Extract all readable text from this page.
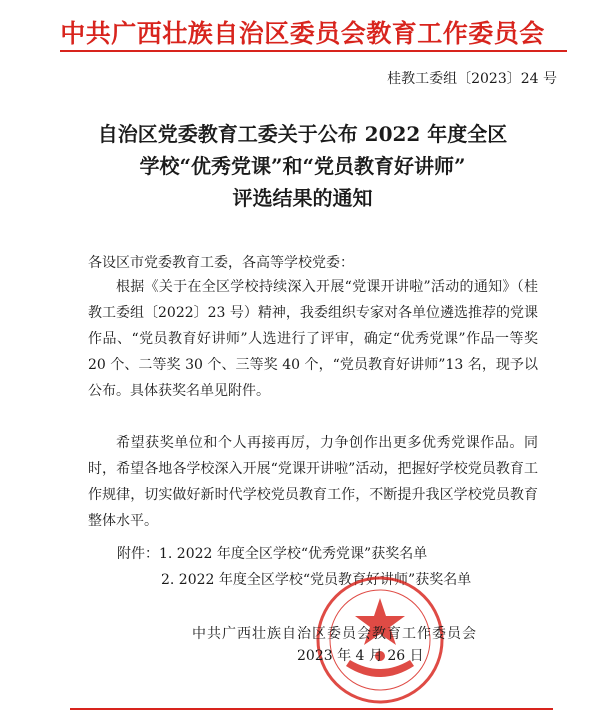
中共广西壮族自治区委员会教育工作委员会
桂教工委组〔2023〕24 号
自治区党委教育工委关于公布 2022 年度全区
学校“优秀党课”和“党员教育好讲师”
评选结果的通知
各设区市党委教育工委，各高等学校党委：
根据《关于在全区学校持续深入开展“党课开讲啦”活动的通知》（桂教工委组〔2022〕23 号）精神，我委组织专家对各单位遴选推荐的党课作品、“党员教育好讲师”人选进行了评审，确定“优秀党课”作品一等奖 20 个、二等奖 30 个、三等奖 40 个，“党员教育好讲师”13 名，现予以公布。具体获奖名单见附件。
希望获奖单位和个人再接再厉，力争创作出更多优秀党课作品。同时，希望各地各学校深入开展“党课开讲啦”活动，把握好学校党员教育工作规律，切实做好新时代学校党员教育工作，不断提升我区学校党员教育整体水平。
附件：1. 2022 年度全区学校“优秀党课”获奖名单
2. 2022 年度全区学校“党员教育好讲师”获奖名单
中共广西壮族自治区委员会教育工作委员会
2023 年 4 月 26 日
